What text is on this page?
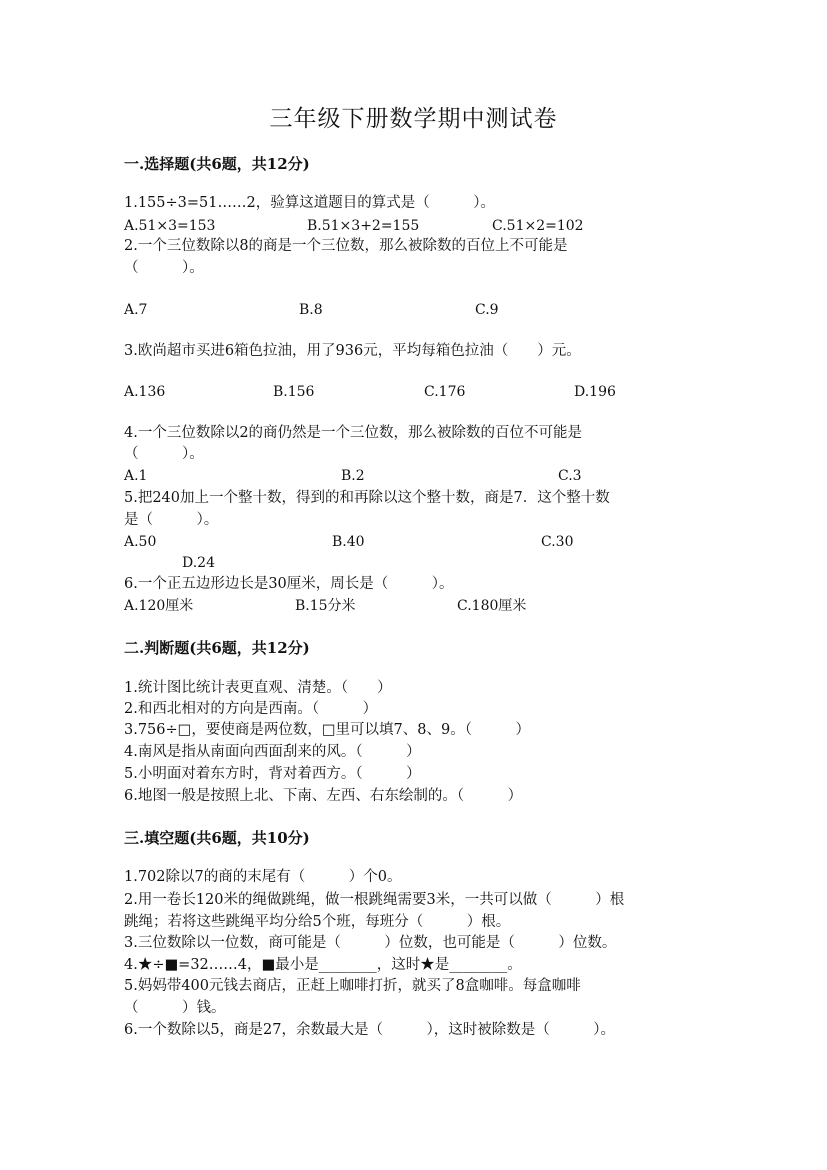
三年级下册数学期中测试卷
一.选择题(共6题，共12分)
1.155÷3=51……2，验算这道题目的算式是（　　　）。
A.51×3=153	B.51×3+2=155	C.51×2=102
2.一个三位数除以8的商是一个三位数，那么被除数的百位上不可能是
（　　　）。
A.7	B.8	C.9
3.欧尚超市买进6箱色拉油，用了936元，平均每箱色拉油（　　）元。
A.136	B.156	C.176	D.196
4.一个三位数除以2的商仍然是一个三位数，那么被除数的百位不可能是
（　　　）。
A.1	B.2	C.3
5.把240加上一个整十数，得到的和再除以这个整十数，商是7．这个整十数
是（　　　）。
A.50	B.40	C.30
D.24
6.一个正五边形边长是30厘米，周长是（　　　）。
A.120厘米	B.15分米	C.180厘米
二.判断题(共6题，共12分)
1.统计图比统计表更直观、清楚。（　　）
2.和西北相对的方向是西南。（　　　）
3.756÷□，要使商是两位数，□里可以填7、8、9。（　　　）
4.南风是指从南面向西面刮来的风。（　　　）
5.小明面对着东方时，背对着西方。（　　　）
6.地图一般是按照上北、下南、左西、右东绘制的。（　　　）
三.填空题(共6题，共10分)
1.702除以7的商的末尾有（　　　）个0。
2.用一卷长120米的绳做跳绳，做一根跳绳需要3米，一共可以做（　　　）根
跳绳；若将这些跳绳平均分给5个班，每班分（　　　）根。
3.三位数除以一位数，商可能是（　　　）位数，也可能是（　　　）位数。
4.★÷■=32……4，■最小是________，这时★是________。
5.妈妈带400元钱去商店，正赶上咖啡打折，就买了8盒咖啡。每盒咖啡
（　　　）钱。
6.一个数除以5，商是27，余数最大是（　　　），这时被除数是（　　　）。
